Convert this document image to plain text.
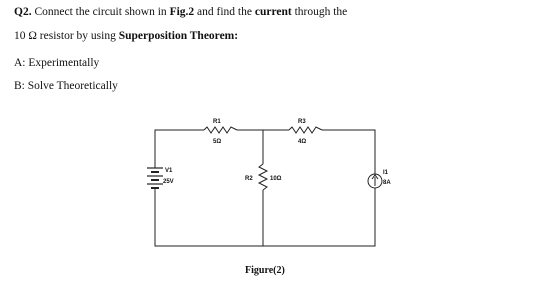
Q2. Connect the circuit shown in Fig.2 and find the current through the
10 Ω resistor by using Superposition Theorem:
A: Experimentally
B: Solve Theoretically
R1
5Ω
R3
4Ω
V1
25V	R2	10Ω
I1
8A
Figure(2)
